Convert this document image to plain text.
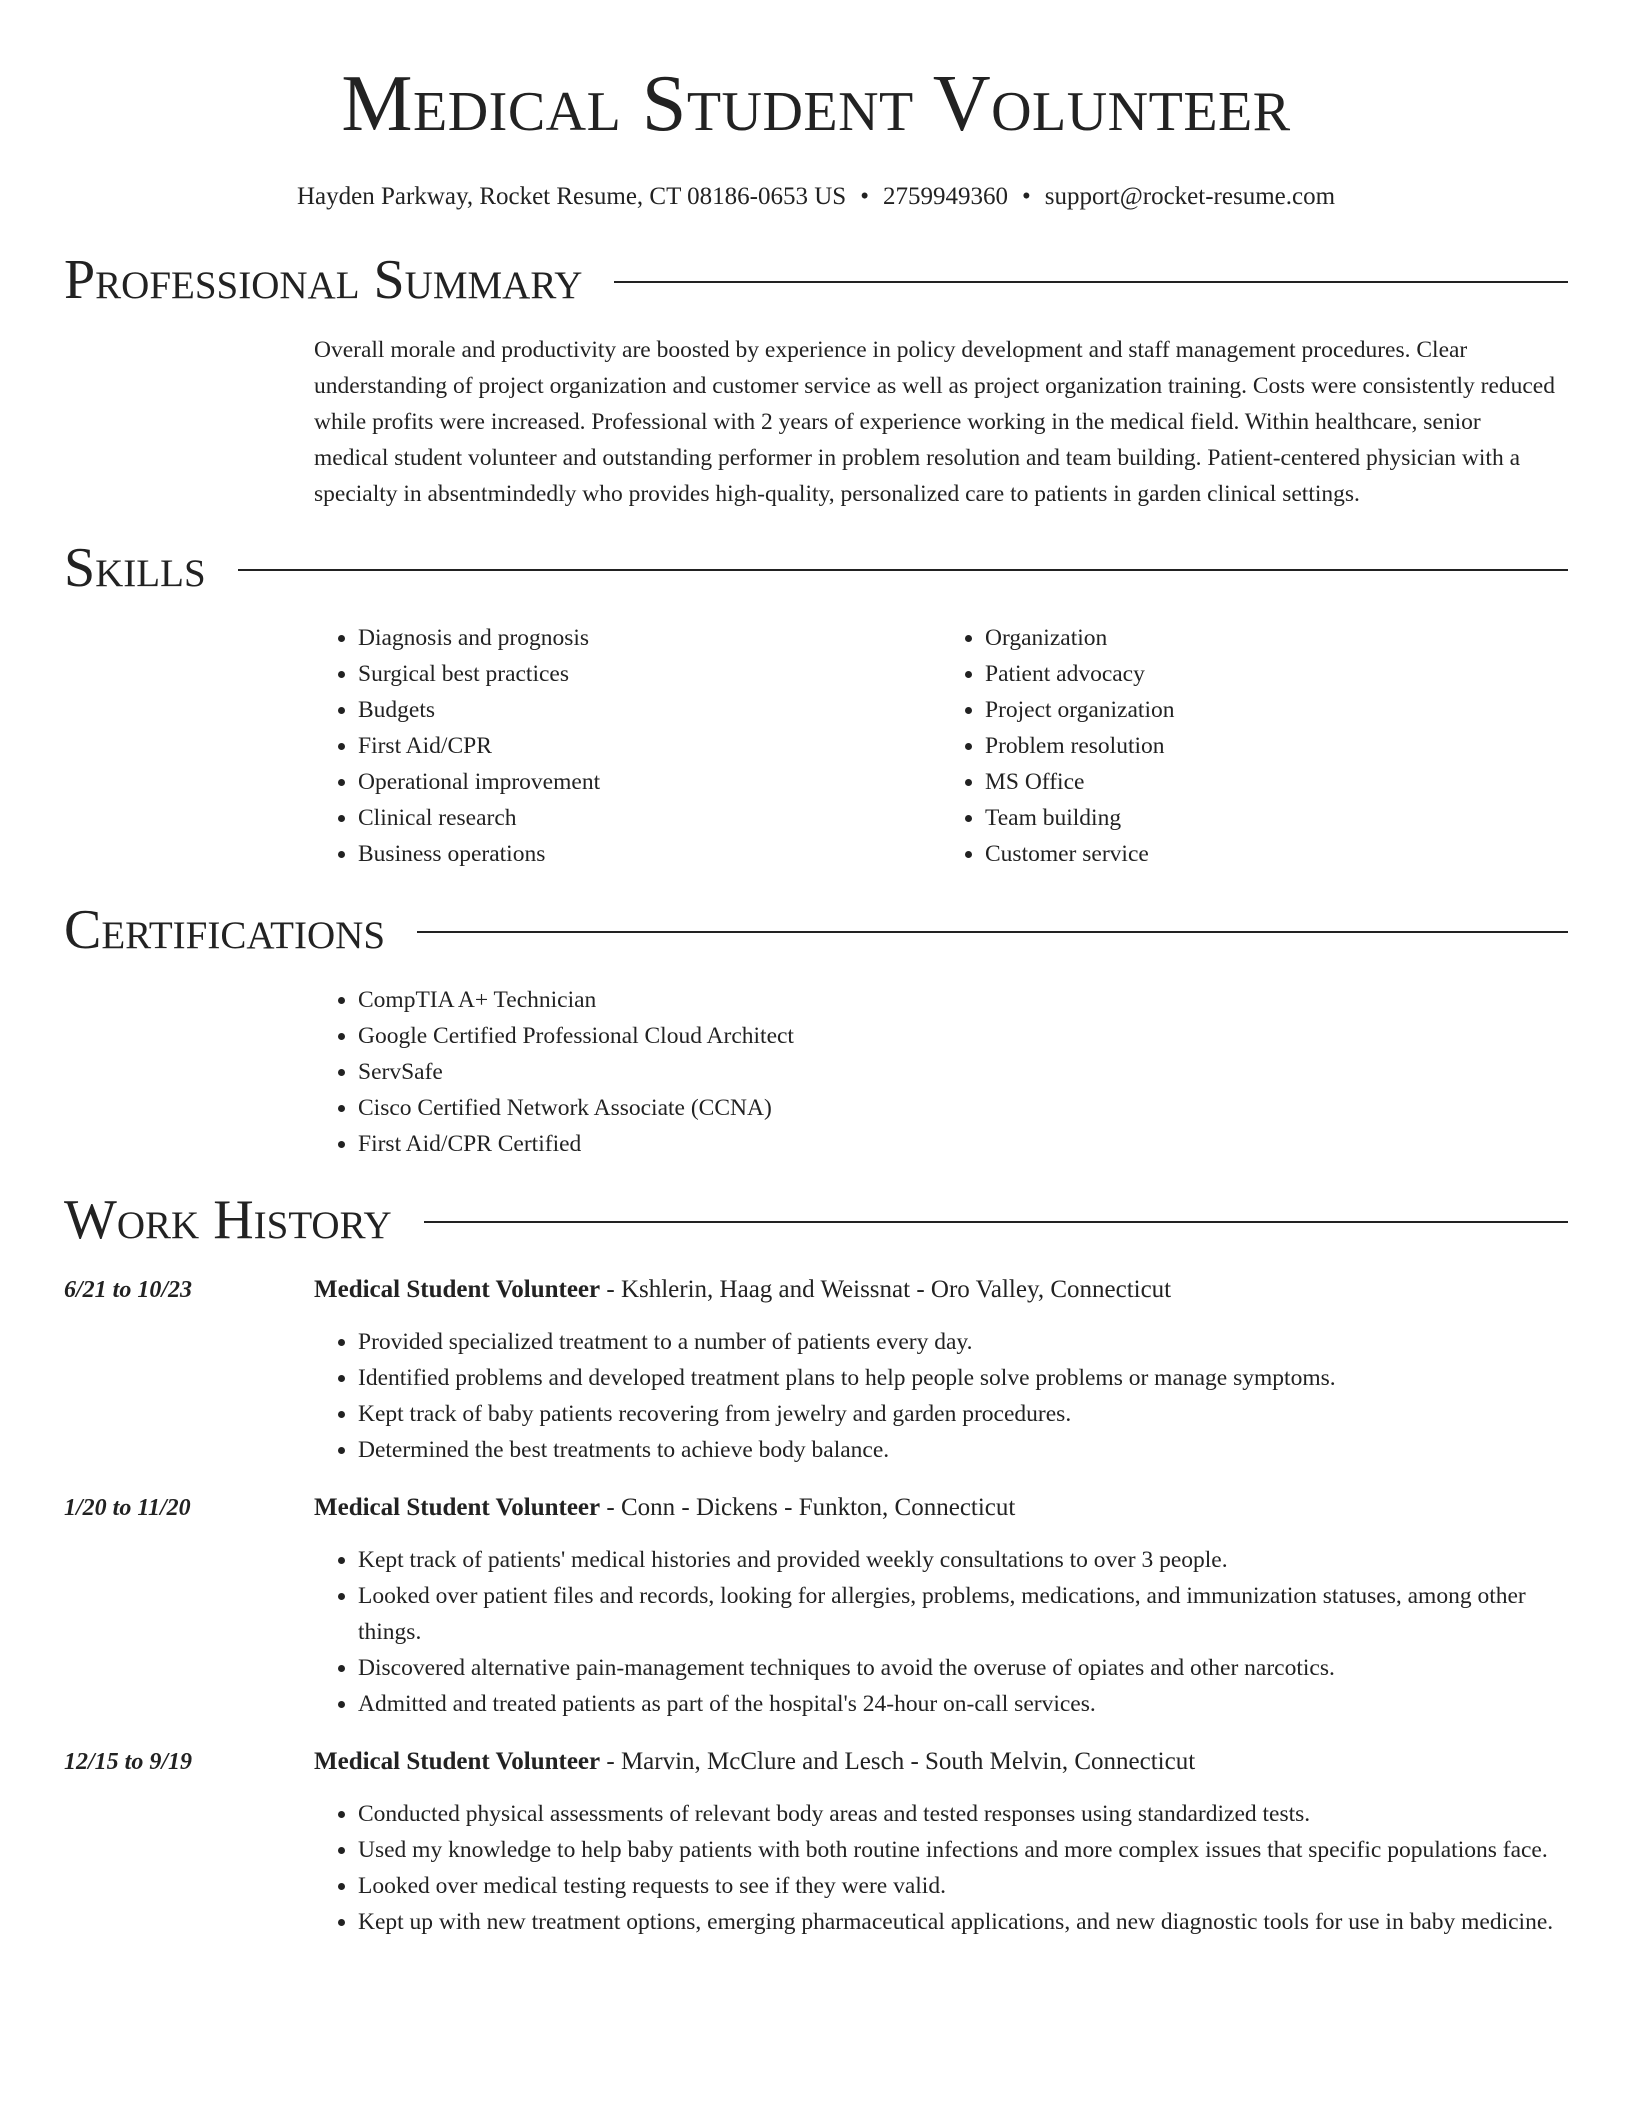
Medical Student Volunteer
Hayden Parkway, Rocket Resume, CT 08186-0653 US • 2759949360 • support@rocket-resume.com
Professional Summary

Overall morale and productivity are boosted by experience in policy development and staff management procedures. Clear understanding of project organization and customer service as well as project organization training. Costs were consistently reduced while profits were increased. Professional with 2 years of experience working in the medical field. Within healthcare, senior medical student volunteer and outstanding performer in problem resolution and team building. Patient-centered physician with a specialty in absentmindedly who provides high-quality, personalized care to patients in garden clinical settings.

Skills
• Diagnosis and prognosis
• Surgical best practices
• Budgets
• First Aid/CPR
• Operational improvement
• Clinical research
• Business operations
• Organization
• Patient advocacy
• Project organization
• Problem resolution
• MS Office
• Team building
• Customer service
Certifications
• CompTIA A+ Technician
• Google Certified Professional Cloud Architect
• ServSafe
• Cisco Certified Network Associate (CCNA)
• First Aid/CPR Certified
Work History
6/21 to 10/23	Medical Student Volunteer - Kshlerin, Haag and Weissnat - Oro Valley, Connecticut
• Provided specialized treatment to a number of patients every day.
• Identified problems and developed treatment plans to help people solve problems or manage symptoms.
• Kept track of baby patients recovering from jewelry and garden procedures.
• Determined the best treatments to achieve body balance.
1/20 to 11/20	Medical Student Volunteer - Conn - Dickens - Funkton, Connecticut
• Kept track of patients' medical histories and provided weekly consultations to over 3 people.
• Looked over patient files and records, looking for allergies, problems, medications, and immunization statuses, among other things.
• Discovered alternative pain-management techniques to avoid the overuse of opiates and other narcotics.
• Admitted and treated patients as part of the hospital's 24-hour on-call services.
12/15 to 9/19	Medical Student Volunteer - Marvin, McClure and Lesch - South Melvin, Connecticut
• Conducted physical assessments of relevant body areas and tested responses using standardized tests.
• Used my knowledge to help baby patients with both routine infections and more complex issues that specific populations face.
• Looked over medical testing requests to see if they were valid.
• Kept up with new treatment options, emerging pharmaceutical applications, and new diagnostic tools for use in baby medicine.
